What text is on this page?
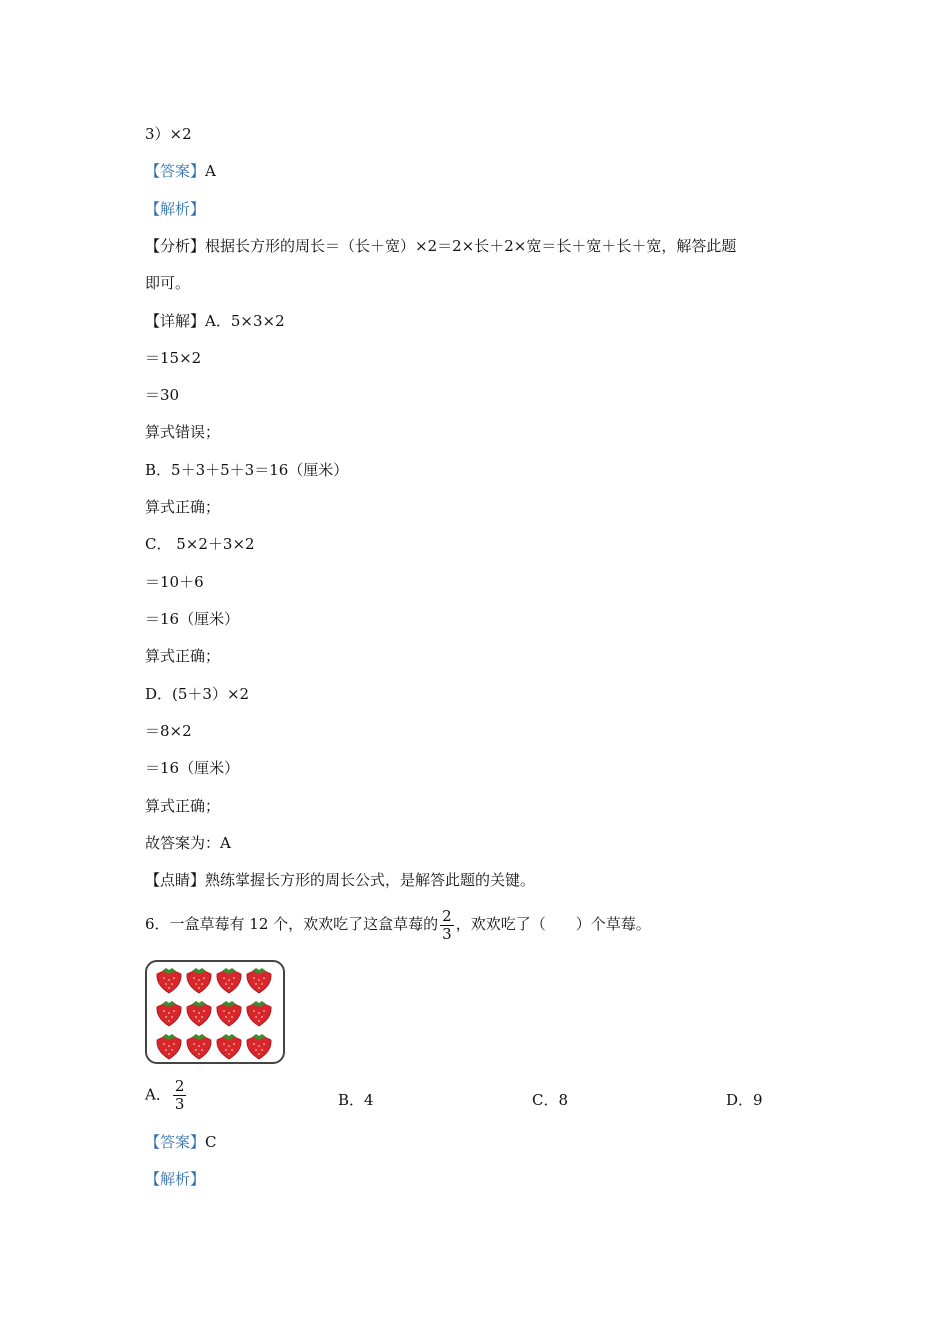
3）×2
【答案】A
【解析】
【分析】根据长方形的周长＝（长＋宽）×2＝2×长＋2×宽＝长＋宽＋长＋宽，解答此题
即可。
【详解】A．5×3×2
＝15×2
＝30
算式错误；
B．5＋3＋5＋3＝16（厘米）
算式正确；
C． 5×2＋3×2
＝10＋6
＝16（厘米）
算式正确；
D．(5＋3）×2
＝8×2
＝16（厘米）
算式正确；
故答案为：A
【点睛】熟练掌握长方形的周长公式，是解答此题的关键。
6．一盒草莓有 12 个，欢欢吃了这盒草莓的 $\frac{2}{3}$ ，欢欢吃了（　　）个草莓。
A． $\frac{2}{3}$	B．4	C．8	D．9
【答案】C
【解析】
